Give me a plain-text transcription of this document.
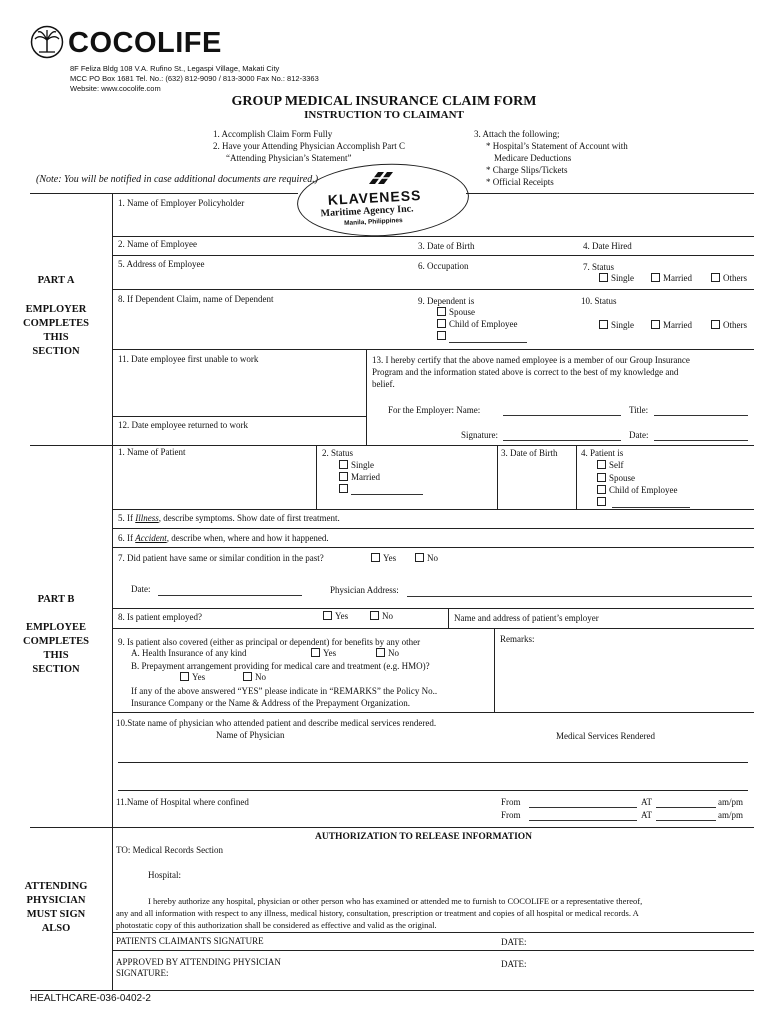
COCOLIFE
8F Feliza Bldg 108 V.A. Rufino St., Legaspi Village, Makati City
MCC PO Box 1681 Tel. No.: (632) 812-9090 / 813-3000 Fax No.: 812-3363
Website: www.cocolife.com
GROUP MEDICAL INSURANCE CLAIM FORM
INSTRUCTION TO CLAIMANT
1. Accomplish Claim Form Fully
2. Have your Attending Physician Accomplish Part C
“Attending Physician’s Statement”
3. Attach the following;
* Hospital’s Statement of Account with
Medicare Deductions
* Charge Slips/Tickets
* Official Receipts
(Note: You will be notified in case additional documents are required.)
KLAVENESS
Maritime Agency Inc.
Manila, Philippines
PART A
EMPLOYER
COMPLETES
THIS
SECTION
PART B
EMPLOYEE
COMPLETES
THIS
SECTION
ATTENDING
PHYSICIAN
MUST SIGN
ALSO
1. Name of Employer Policyholder
2. Name of Employee	3. Date of Birth	4. Date Hired
5. Address of Employee	6. Occupation	7. Status
Single	Married	Others
8. If Dependent Claim, name of Dependent	9. Dependent is
Spouse
Child of Employee
10. Status
Single	Married	Others
11. Date employee first unable to work
12. Date employee returned to work
13. I hereby certify that the above named employee is a member of our Group Insurance
Program and the information stated above is correct to the best of my knowledge and
belief.
For the Employer: Name:	Title:
Signature:	Date:
1. Name of Patient	2. Status
Single
Married
3. Date of Birth	4. Patient is
Self
Spouse
Child of Employee
5. If Illness, describe symptoms. Show date of first treatment.
6. If Accident, describe when, where and how it happened.
7. Did patient have same or similar condition in the past?	Yes	No
Date:	Physician Address:
8. Is patient employed?	Yes	No	Name and address of patient’s employer
9. Is patient also covered (either as principal or dependent) for benefits by any other
A. Health Insurance of any kind	Yes	No
B. Prepayment arrangement providing for medical care and treatment (e.g. HMO)?
Yes	No
If any of the above answered “YES” please indicate in “REMARKS” the Policy No..
Insurance Company or the Name & Address of the Prepayment Organization.
Remarks:
10.State name of physician who attended patient and describe medical services rendered.
Name of Physician	Medical Services Rendered
11.Name of Hospital where confined	From	AT	am/pm
From	AT	am/pm
AUTHORIZATION TO RELEASE INFORMATION
TO: Medical Records Section
Hospital:
I hereby authorize any hospital, physician or other person who has examined or attended me to furnish to COCOLIFE or a representative thereof,
any and all information with respect to any illness, medical history, consultation, prescription or treatment and copies of all hospital or medical records. A
photostatic copy of this authorization shall be considered as effective and valid as the original.
PATIENTS CLAIMANTS SIGNATURE	DATE:
APPROVED BY ATTENDING PHYSICIAN
SIGNATURE:
DATE:
HEALTHCARE-036-0402-2
